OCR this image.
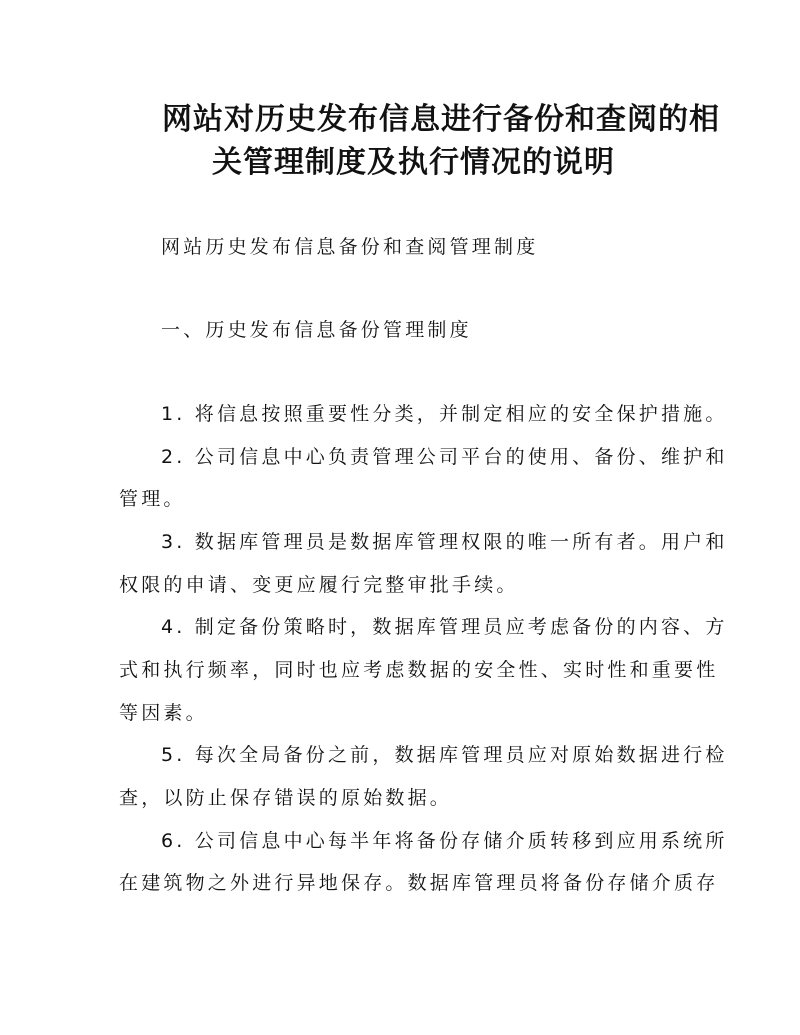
网站对历史发布信息进行备份和查阅的相
关管理制度及执行情况的说明

网站历史发布信息备份和查阅管理制度

一、历史发布信息备份管理制度

1. 将信息按照重要性分类，并制定相应的安全保护措施。

2. 公司信息中心负责管理公司平台的使用、备份、维护和

管理。

3. 数据库管理员是数据库管理权限的唯一所有者。用户和

权限的申请、变更应履行完整审批手续。

4. 制定备份策略时，数据库管理员应考虑备份的内容、方

式和执行频率，同时也应考虑数据的安全性、实时性和重要性

等因素。

5. 每次全局备份之前，数据库管理员应对原始数据进行检

查，以防止保存错误的原始数据。

6. 公司信息中心每半年将备份存储介质转移到应用系统所

在建筑物之外进行异地保存。数据库管理员将备份存储介质存
